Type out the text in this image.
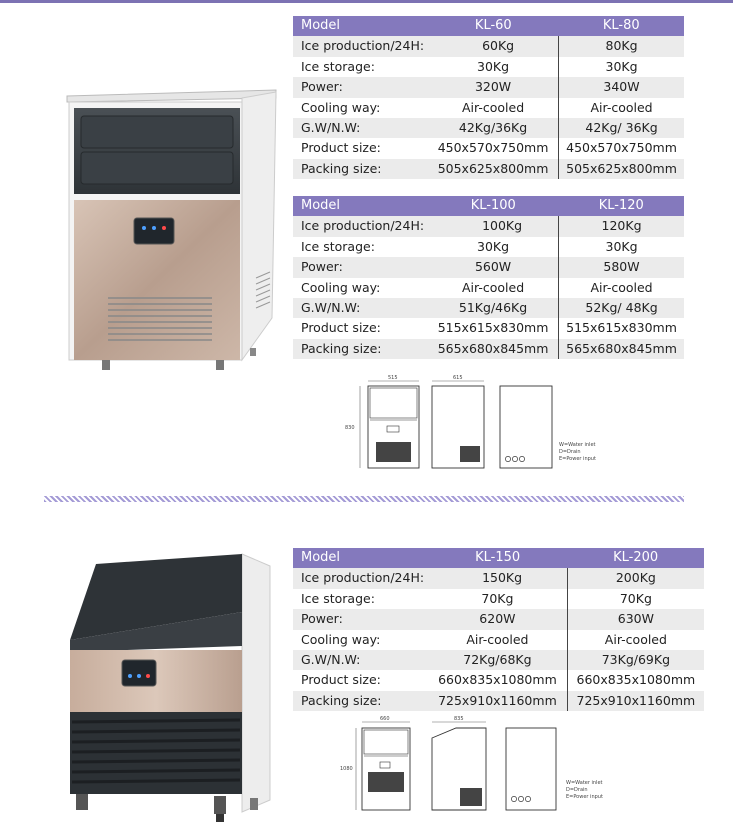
Model	KL-60	KL-80
Ice production/24H:	60Kg	80Kg
Ice storage:	30Kg	30Kg
Power:	320W	340W
Cooling way:	Air-cooled	Air-cooled
G.W/N.W:	42Kg/36Kg	42Kg/ 36Kg
Product size:	450x570x750mm	450x570x750mm
Packing size:	505x625x800mm	505x625x800mm
Model	KL-100	KL-120
Ice production/24H:	100Kg	120Kg
Ice storage:	30Kg	30Kg
Power:	560W	580W
Cooling way:	Air-cooled	Air-cooled
G.W/N.W:	51Kg/46Kg	52Kg/ 48Kg
Product size:	515x615x830mm	515x615x830mm
Packing size:	565x680x845mm	565x680x845mm
515	615
830
W=Water inlet
D=Drain
E=Power input
Model	KL-150	KL-200
Ice production/24H:	150Kg	200Kg
Ice storage:	70Kg	70Kg
Power:	620W	630W
Cooling way:	Air-cooled	Air-cooled
G.W/N.W:	72Kg/68Kg	73Kg/69Kg
Product size:	660x835x1080mm	660x835x1080mm
Packing size:	725x910x1160mm	725x910x1160mm
660	835
1080
W=Water inlet
D=Drain
E=Power input
